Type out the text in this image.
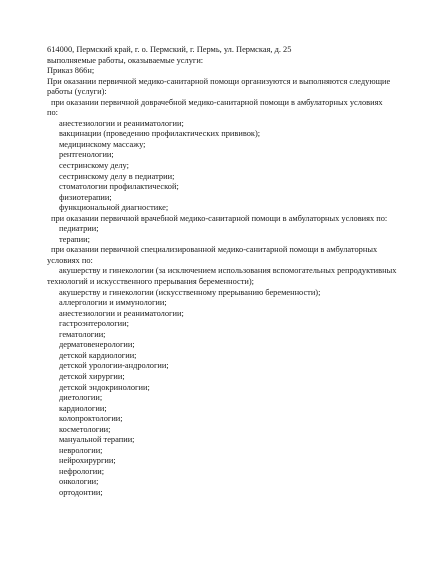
614000, Пермский край, г. о. Пермский, г. Пермь, ул. Пермская, д. 25
выполняемые работы, оказываемые услуги:
Приказ 866н;
При оказании первичной медико-санитарной помощи организуются и выполняются следующие
работы (услуги):
при оказании первичной доврачебной медико-санитарной помощи в амбулаторных условиях
по:
анестезиологии и реаниматологии;
вакцинации (проведению профилактических прививок);
медицинскому массажу;
рентгенологии;
сестринскому делу;
сестринскому делу в педиатрии;
стоматологии профилактической;
физиотерапии;
функциональной диагностике;
при оказании первичной врачебной медико-санитарной помощи в амбулаторных условиях по:
педиатрии;
терапии;
при оказании первичной специализированной медико-санитарной помощи в амбулаторных
условиях по:
акушерству и гинекологии (за исключением использования вспомогательных репродуктивных
технологий и искусственного прерывания беременности);
акушерству и гинекологии (искусственному прерыванию беременности);
аллергологии и иммунологии;
анестезиологии и реаниматологии;
гастроэнтерологии;
гематологии;
дерматовенерологии;
детской кардиологии;
детской урологии-андрологии;
детской хирургии;
детской эндокринологии;
диетологии;
кардиологии;
колопроктологии;
косметологии;
мануальной терапии;
неврологии;
нейрохирургии;
нефрологии;
онкологии;
ортодонтии;
